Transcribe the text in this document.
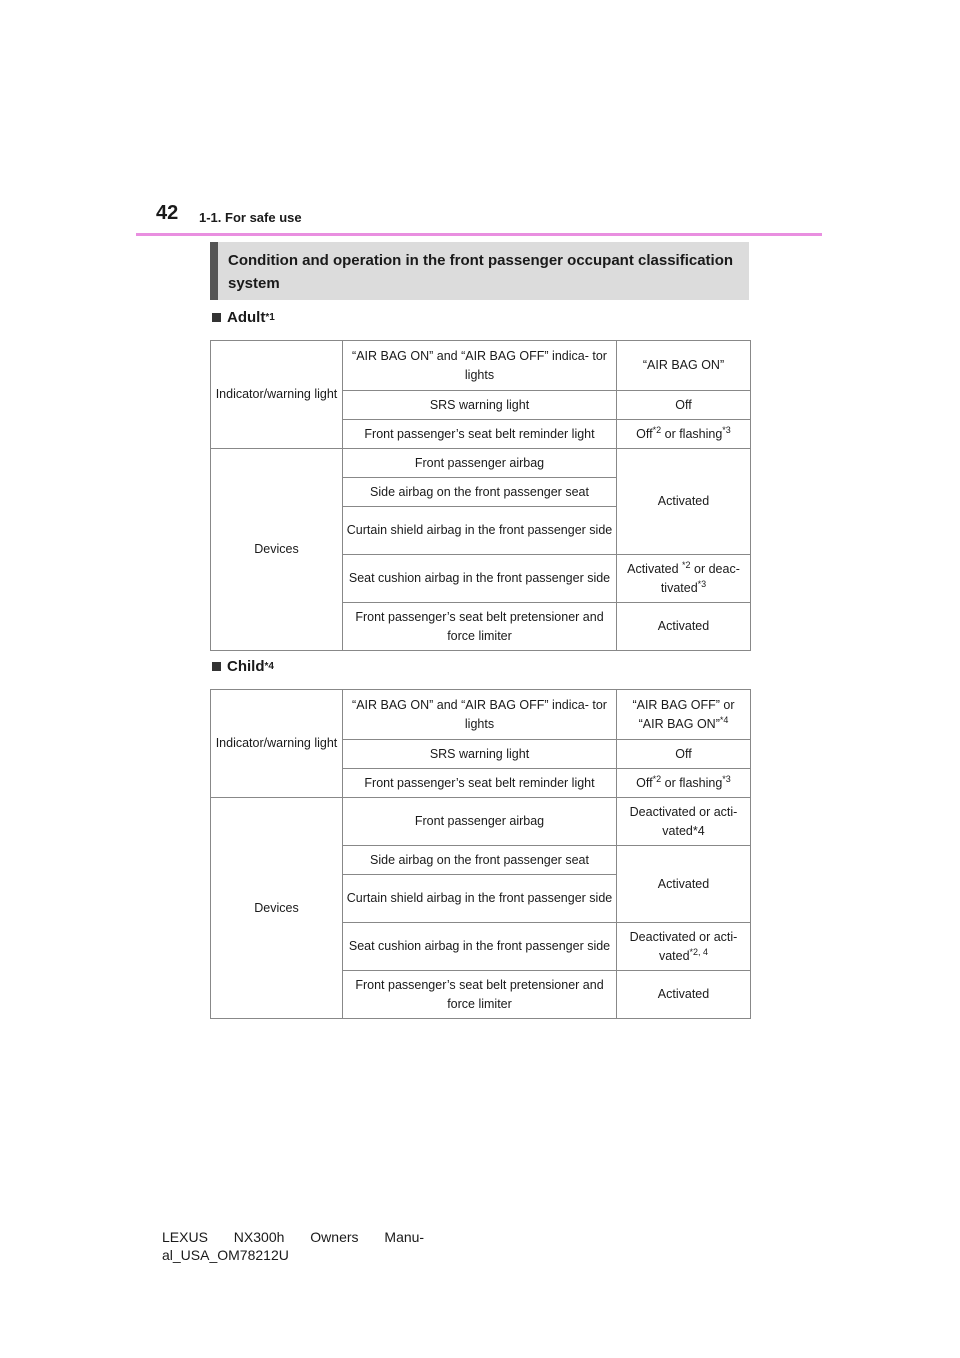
42 1-1. For safe use
Condition and operation in the front passenger occupant classification
system
Adult *1
Indicator/warning light	“AIR BAG ON” and “AIR BAG OFF” indica- tor lights	“AIR BAG ON”
	SRS warning light	Off
	Front passenger’s seat belt reminder light	Off$^{*2}$ or flashing$^{*3}$
Devices	Front passenger airbag	Activated
	Side airbag on the front passenger seat	
	Curtain shield airbag in the front passenger side	
	Seat cushion airbag in the front passenger side	Activated $^{*2}$ or deac- tivated$^{*3}$
	Front passenger’s seat belt pretensioner and force limiter	Activated
Child *4
Indicator/warning light	“AIR BAG ON” and “AIR BAG OFF” indica- tor lights	“AIR BAG OFF” or “AIR BAG ON”$^{*4}$
	SRS warning light	Off
	Front passenger’s seat belt reminder light	Off$^{*2}$ or flashing$^{*3}$
Devices	Front passenger airbag	Deactivated or acti- vated*4
	Side airbag on the front passenger seat	Activated
	Curtain shield airbag in the front passenger side	
	Seat cushion airbag in the front passenger side	Deactivated or acti- vated$^{*2, 4}$
	Front passenger’s seat belt pretensioner and force limiter	Activated
LEXUS NX300h Owners Manu-
al_USA_OM78212U
